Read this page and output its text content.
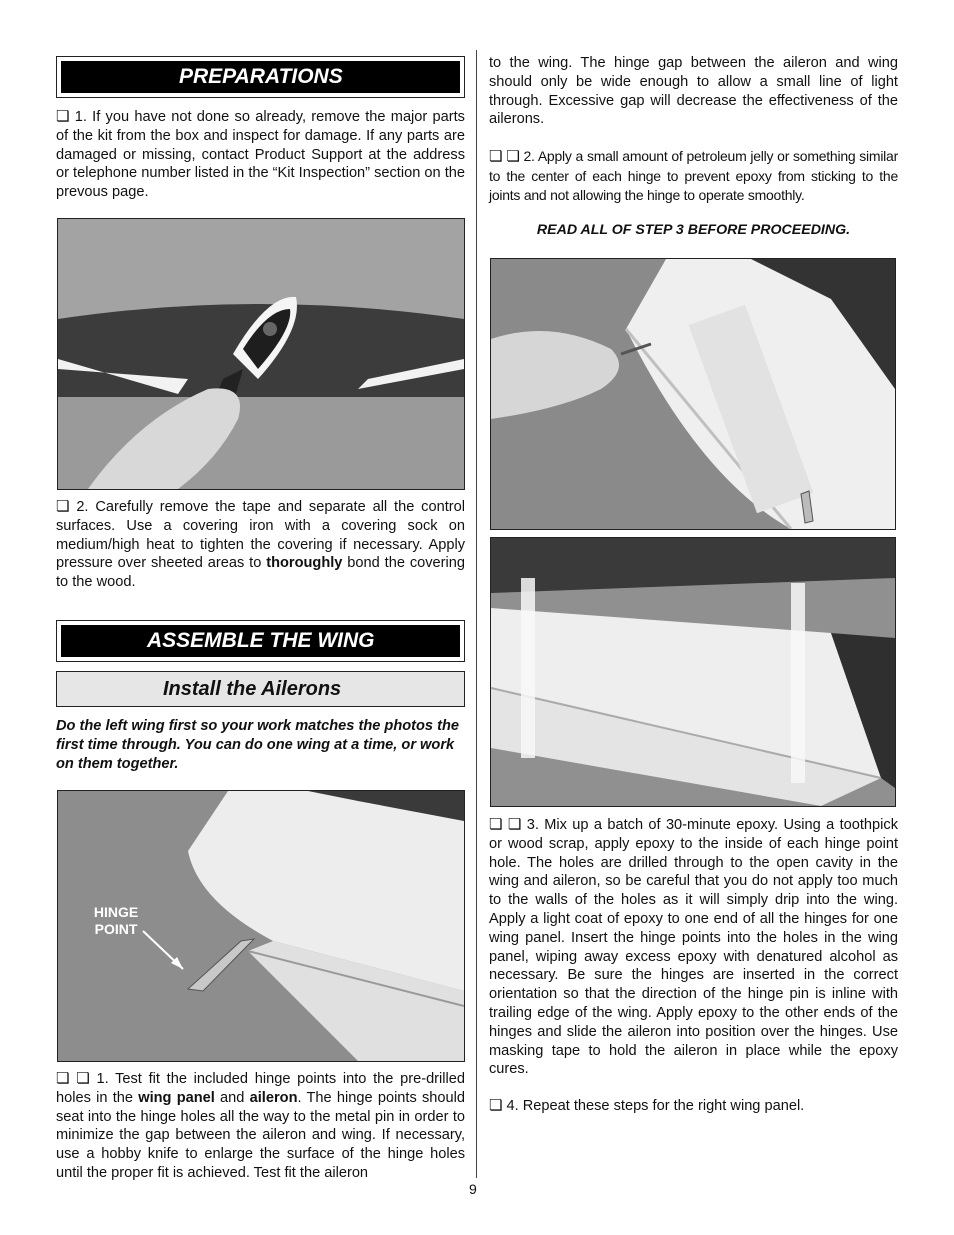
PREPARATIONS

❏ 1. If you have not done so already, remove the major parts of the kit from the box and inspect for damage. If any parts are damaged or missing, contact Product Support at the address or telephone number listed in the “Kit Inspection” section on the prevous page.

❏ 2. Carefully remove the tape and separate all the control surfaces. Use a covering iron with a covering sock on medium/high heat to tighten the covering if necessary. Apply pressure over sheeted areas to thoroughly bond the covering to the wood.

ASSEMBLE THE WING
Install the Ailerons

Do the left wing first so your work matches the photos the first time through. You can do one wing at a time, or work on them together.

HINGE
POINT

❏ ❏ 1. Test fit the included hinge points into the pre-drilled holes in the wing panel and aileron. The hinge points should seat into the hinge holes all the way to the metal pin in order to minimize the gap between the aileron and wing. If necessary, use a hobby knife to enlarge the surface of the hinge holes until the proper fit is achieved. Test fit the aileron

to the wing. The hinge gap between the aileron and wing should only be wide enough to allow a small line of light through. Excessive gap will decrease the effectiveness of the ailerons.

❏ ❏ 2. Apply a small amount of petroleum jelly or something similar to the center of each hinge to prevent epoxy from sticking to the joints and not allowing the hinge to operate smoothly.

READ ALL OF STEP 3 BEFORE PROCEEDING.

❏ ❏ 3. Mix up a batch of 30-minute epoxy. Using a toothpick or wood scrap, apply epoxy to the inside of each hinge point hole. The holes are drilled through to the open cavity in the wing and aileron, so be careful that you do not apply too much to the walls of the holes as it will simply drip into the wing. Apply a light coat of epoxy to one end of all the hinges for one wing panel. Insert the hinge points into the holes in the wing panel, wiping away excess epoxy with denatured alcohol as necessary. Be sure the hinges are inserted in the correct orientation so that the direction of the hinge pin is inline with trailing edge of the wing. Apply epoxy to the other ends of the hinges and slide the aileron into position over the hinges. Use masking tape to hold the aileron in place while the epoxy cures.

❏ 4. Repeat these steps for the right wing panel.

9
